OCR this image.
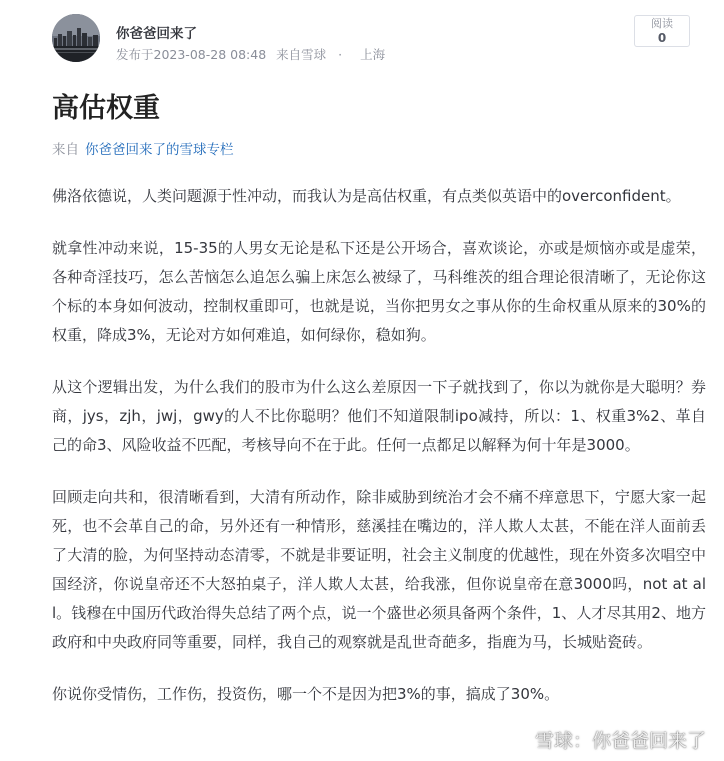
你爸爸回来了
发布于2023-08-28 08:48 来自雪球 · 上海
阅读
0
高估权重
来自 你爸爸回来了的雪球专栏

佛洛依德说，人类问题源于性冲动，而我认为是高估权重，有点类似英语中的overconfident。

就拿性冲动来说，15-35的人男女无论是私下还是公开场合，喜欢谈论，亦或是烦恼亦或是虚荣，各种奇淫技巧，怎么苦恼怎么追怎么骗上床怎么被绿了，马科维茨的组合理论很清晰了，无论你这个标的本身如何波动，控制权重即可，也就是说，当你把男女之事从你的生命权重从原来的30%的权重，降成3%，无论对方如何难追，如何绿你，稳如狗。

从这个逻辑出发，为什么我们的股市为什么这么差原因一下子就找到了，你以为就你是大聪明？券商，jys，zjh，jwj，gwy的人不比你聪明？他们不知道限制ipo减持，所以：1、权重3%2、革自己的命3、风险收益不匹配，考核导向不在于此。任何一点都足以解释为何十年是3000。

回顾走向共和，很清晰看到，大清有所动作，除非威胁到统治才会不痛不痒意思下，宁愿大家一起死，也不会革自己的命，另外还有一种情形，慈溪挂在嘴边的，洋人欺人太甚，不能在洋人面前丢了大清的脸，为何坚持动态清零，不就是非要证明，社会主义制度的优越性，现在外资多次唱空中国经济，你说皇帝还不大怒拍桌子，洋人欺人太甚，给我涨，但你说皇帝在意3000吗，not at all。钱穆在中国历代政治得失总结了两个点，说一个盛世必须具备两个条件，1、人才尽其用2、地方政府和中央政府同等重要，同样，我自己的观察就是乱世奇葩多，指鹿为马，长城贴瓷砖。

你说你受情伤，工作伤，投资伤，哪一个不是因为把3%的事，搞成了30%。

雪球：你爸爸回来了
